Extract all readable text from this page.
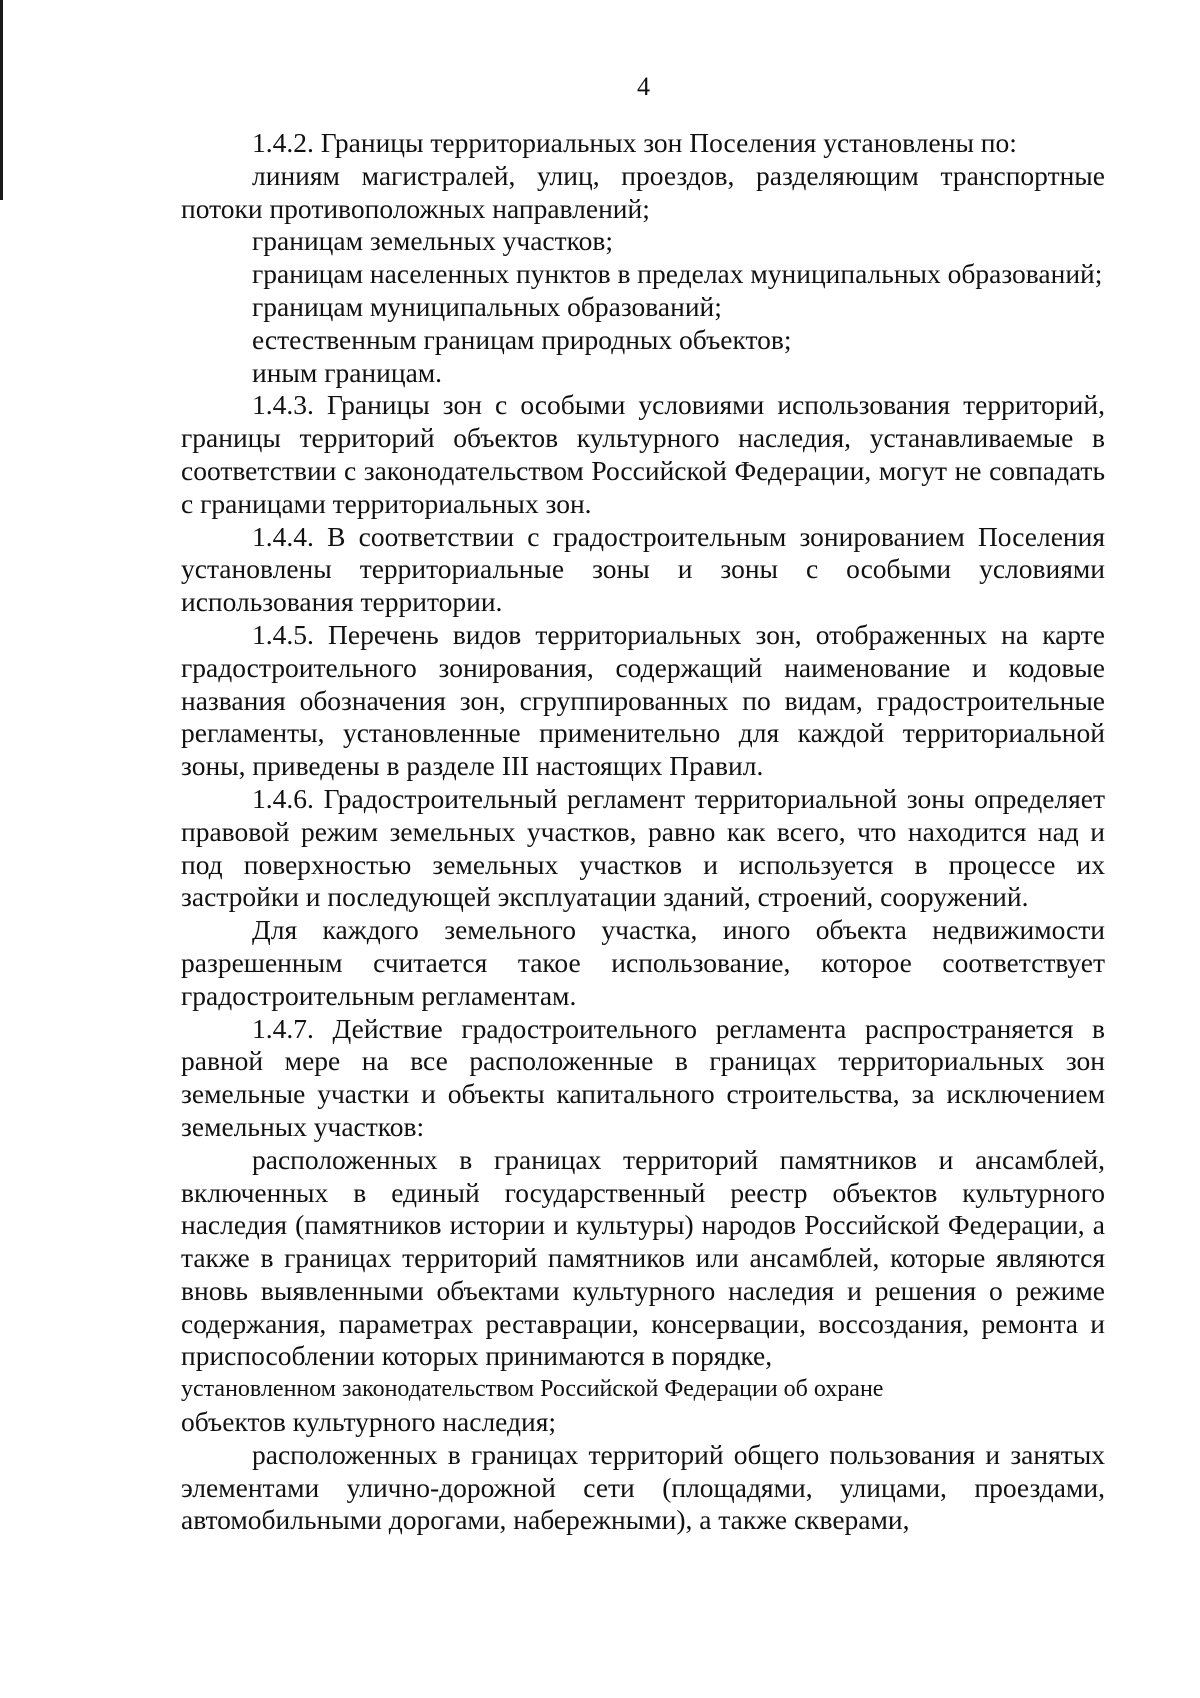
4

1.4.2. Границы территориальных зон Поселения установлены по:

линиям магистралей, улиц, проездов, разделяющим транспортные потоки противоположных направлений;

границам земельных участков;

границам населенных пунктов в пределах муниципальных образований;

границам муниципальных образований;

естественным границам природных объектов;

иным границам.

1.4.3. Границы зон с особыми условиями использования территорий, границы территорий объектов культурного наследия, устанавливаемые в соответствии с законодательством Российской Федерации, могут не совпадать с границами территориальных зон.

1.4.4. В соответствии с градостроительным зонированием Поселения установлены территориальные зоны и зоны с особыми условиями использования территории.

1.4.5. Перечень видов территориальных зон, отображенных на карте градостроительного зонирования, содержащий наименование и кодовые названия обозначения зон, сгруппированных по видам, градостроительные регламенты, установленные применительно для каждой территориальной зоны, приведены в разделе III настоящих Правил.

1.4.6. Градостроительный регламент территориальной зоны определяет правовой режим земельных участков, равно как всего, что находится над и под поверхностью земельных участков и используется в процессе их застройки и последующей эксплуатации зданий, строений, сооружений.

Для каждого земельного участка, иного объекта недвижимости разрешенным считается такое использование, которое соответствует градостроительным регламентам.

1.4.7. Действие градостроительного регламента распространяется в равной мере на все расположенные в границах территориальных зон земельные участки и объекты капитального строительства, за исключением земельных участков:

расположенных в границах территорий памятников и ансамблей, включенных в единый государственный реестр объектов культурного наследия (памятников истории и культуры) народов Российской Федерации, а также в границах территорий памятников или ансамблей, которые являются вновь выявленными объектами культурного наследия и решения о режиме содержания, параметрах реставрации, консервации, воссоздания, ремонта и приспособлении которых принимаются в порядке,

установленном законодательством Российской Федерации об охране

объектов культурного наследия;

расположенных в границах территорий общего пользования и занятых элементами улично-дорожной сети (площадями, улицами, проездами, автомобильными дорогами, набережными), а также скверами,
